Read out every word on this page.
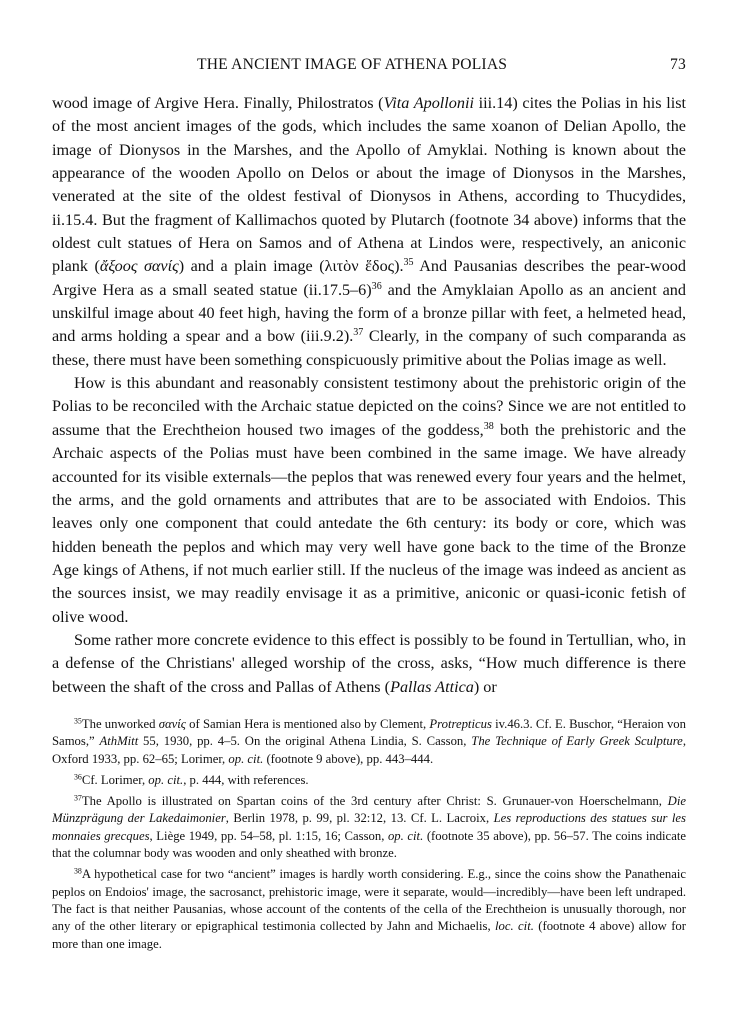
THE ANCIENT IMAGE OF ATHENA POLIAS	73

wood image of Argive Hera. Finally, Philostratos (Vita Apollonii iii.14) cites the Polias in his list of the most ancient images of the gods, which includes the same xoanon of Delian Apollo, the image of Dionysos in the Marshes, and the Apollo of Amyklai. Nothing is known about the appearance of the wooden Apollo on Delos or about the image of Dionysos in the Marshes, venerated at the site of the oldest festival of Dionysos in Athens, according to Thucydides, ii.15.4. But the fragment of Kallimachos quoted by Plutarch (footnote 34 above) informs that the oldest cult statues of Hera on Samos and of Athena at Lindos were, respectively, an aniconic plank (ἄξοος σανίς) and a plain image (λιτὸν ἕδος).$^{35}$ And Pausanias describes the pear-wood Argive Hera as a small seated statue $(ii.17.5-6)^{36}$ and the Amyklaian Apollo as an ancient and unskilful image about 40 feet high, having the form of a bronze pillar with feet, a helmeted head, and arms holding a spear and a bow (iii.9.2).$^{37}$ Clearly, in the company of such comparanda as these, there must have been something conspicuously primitive about the Polias image as well.

How is this abundant and reasonably consistent testimony about the prehistoric origin of the Polias to be reconciled with the Archaic statue depicted on the coins? Since we are not entitled to assume that the Erechtheion housed two images of the goddess,$^{38}$ both the prehistoric and the Archaic aspects of the Polias must have been combined in the same image. We have already accounted for its visible externals—the peplos that was renewed every four years and the helmet, the arms, and the gold ornaments and attributes that are to be associated with Endoios. This leaves only one component that could antedate the 6th century: its body or core, which was hidden beneath the peplos and which may very well have gone back to the time of the Bronze Age kings of Athens, if not much earlier still. If the nucleus of the image was indeed as ancient as the sources insist, we may readily envisage it as a primitive, aniconic or quasi-iconic fetish of olive wood.

Some rather more concrete evidence to this effect is possibly to be found in Tertullian, who, in a defense of the Christians' alleged worship of the cross, asks, “How much difference is there between the shaft of the cross and Pallas of Athens (Pallas Attica) or

$^{35}$The unworked σανίς of Samian Hera is mentioned also by Clement, Protrepticus iv.46.3. Cf. E. Buschor, “Heraion von Samos,” AthMitt 55, 1930, pp. 4–5. On the original Athena Lindia, S. Casson, The Technique of Early Greek Sculpture, Oxford 1933, pp. 62–65; Lorimer, op. cit. (footnote 9 above), pp. 443–444.

$^{36}$Cf. Lorimer, op. cit., p. 444, with references.

$^{37}$The Apollo is illustrated on Spartan coins of the 3rd century after Christ: S. Grunauer-von Hoerschelmann, Die Münzprägung der Lakedaimonier, Berlin 1978, p. 99, pl. 32:12, 13. Cf. L. Lacroix, Les reproductions des statues sur les monnaies grecques, Liège 1949, pp. 54–58, pl. 1:15, 16; Casson, op. cit. (footnote 35 above), pp. 56–57. The coins indicate that the columnar body was wooden and only sheathed with bronze.

$^{38}$A hypothetical case for two “ancient” images is hardly worth considering. E.g., since the coins show the Panathenaic peplos on Endoios' image, the sacrosanct, prehistoric image, were it separate, would—incredibly—have been left undraped. The fact is that neither Pausanias, whose account of the contents of the cella of the Erechtheion is unusually thorough, nor any of the other literary or epigraphical testimonia collected by Jahn and Michaelis, loc. cit. (footnote 4 above) allow for more than one image.
